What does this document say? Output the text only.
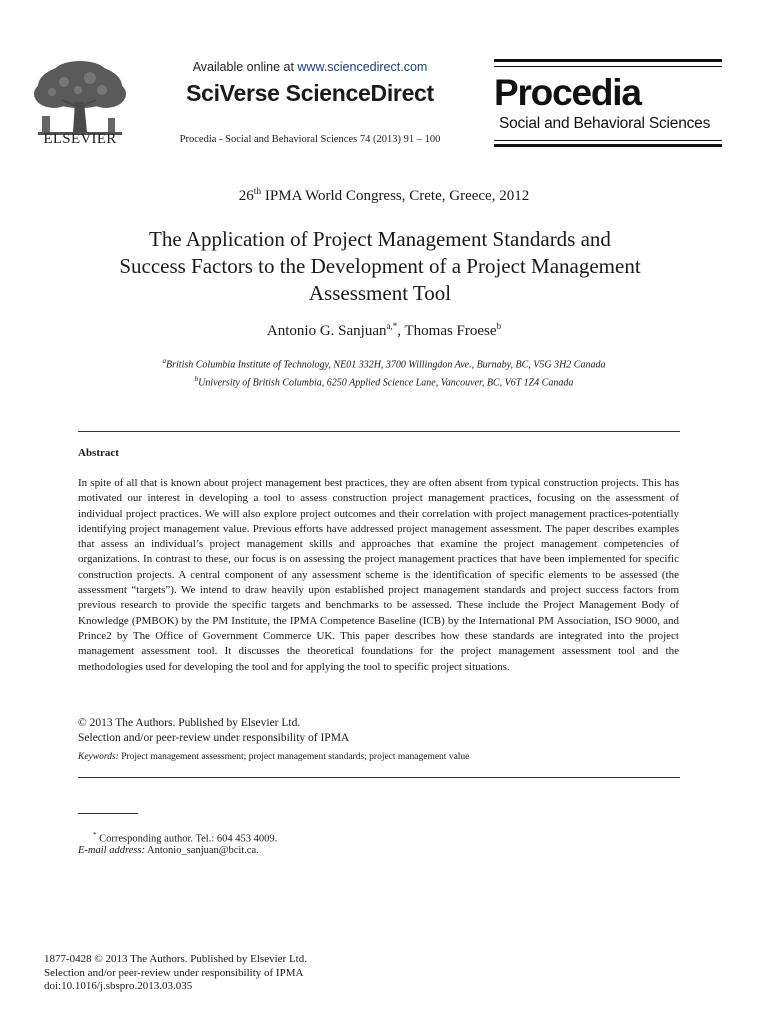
ELSEVIER
Available online at www.sciencedirect.com
SciVerse ScienceDirect
Procedia - Social and Behavioral Sciences 74 (2013) 91 – 100
Procedia
Social and Behavioral Sciences
26th IPMA World Congress, Crete, Greece, 2012
The Application of Project Management Standards and
Success Factors to the Development of a Project Management
Assessment Tool
Antonio G. Sanjuan$^{a,*}$, Thomas Froese$^b$
$^a$British Columbia Institute of Technology, NE01 332H, 3700 Willingdon Ave., Burnaby, BC, V5G 3H2 Canada
$^b$University of British Columbia, 6250 Applied Science Lane, Vancouver, BC, V6T 1Z4 Canada
Abstract
In spite of all that is known about project management best practices, they are often absent from typical construction projects. This has motivated our interest in developing a tool to assess construction project management practices, focusing on the assessment of individual project practices. We will also explore project outcomes and their correlation with project management practices-potentially identifying project management value. Previous efforts have addressed project management assessment. The paper describes examples that assess an individual’s project management skills and approaches that examine the project management competencies of organizations. In contrast to these, our focus is on assessing the project management practices that have been implemented for specific construction projects. A central component of any assessment scheme is the identification of specific elements to be assessed (the assessment “targets”). We intend to draw heavily upon established project management standards and project success factors from previous research to provide the specific targets and benchmarks to be assessed. These include the Project Management Body of Knowledge (PMBOK) by the PM Institute, the IPMA Competence Baseline (ICB) by the International PM Association, ISO 9000, and Prince2 by The Office of Government Commerce UK. This paper describes how these standards are integrated into the project management assessment tool. It discusses the theoretical foundations for the project management assessment tool and the methodologies used for developing the tool and for applying the tool to specific project situations.
© 2013 The Authors. Published by Elsevier Ltd.
Selection and/or peer-review under responsibility of IPMA
Keywords: Project management assessment; project management standards; project management value
* Corresponding author. Tel.: 604 453 4009.
E-mail address: Antonio_sanjuan@bcit.ca.
1877-0428 © 2013 The Authors. Published by Elsevier Ltd.
Selection and/or peer-review under responsibility of IPMA
doi:10.1016/j.sbspro.2013.03.035
